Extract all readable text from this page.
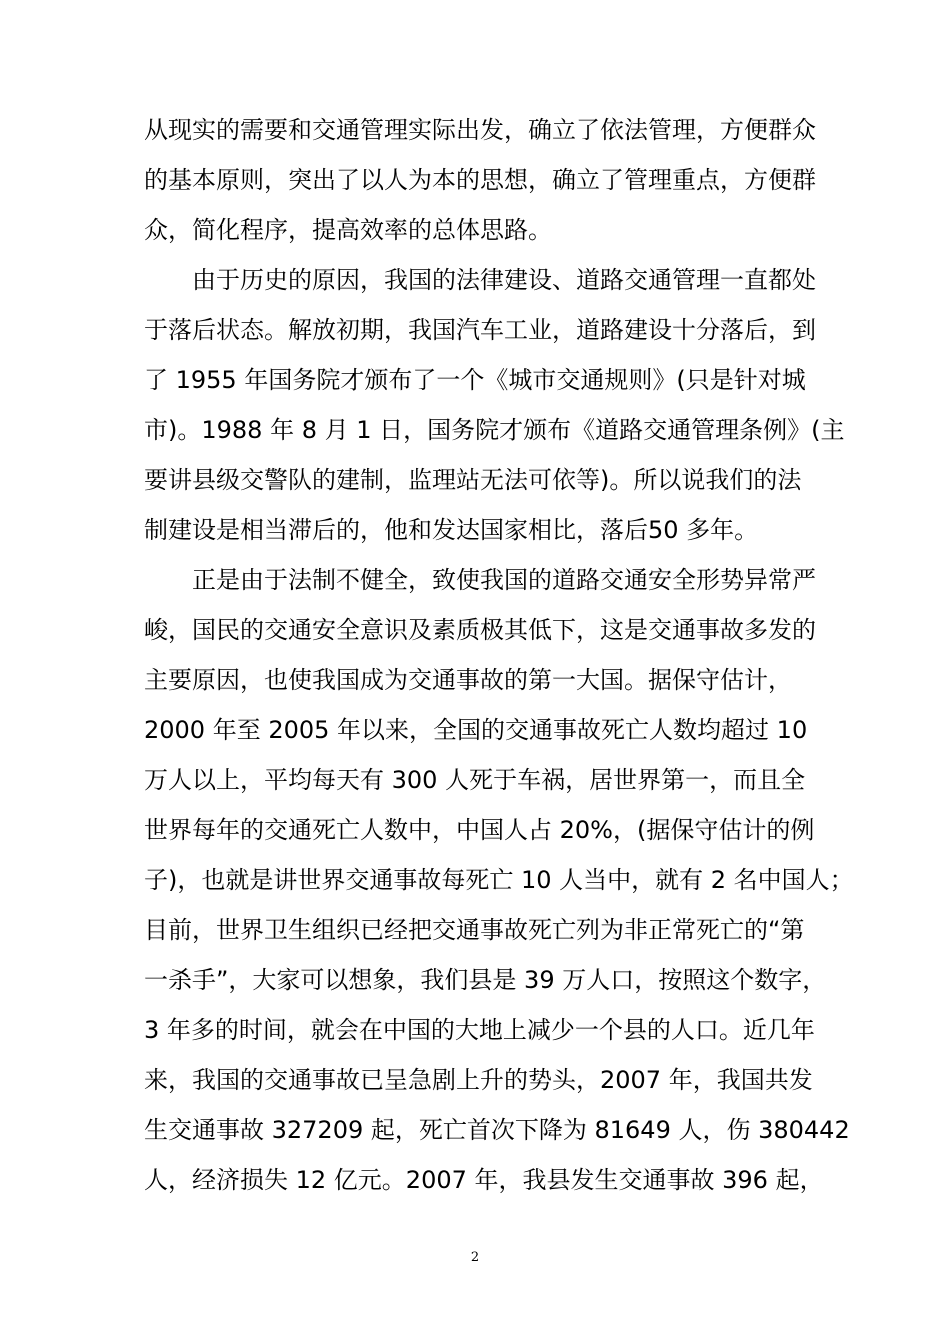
从现实的需要和交通管理实际出发，确立了依法管理，方便群众
的基本原则，突出了以人为本的思想，确立了管理重点，方便群
众，简化程序，提高效率的总体思路。
由于历史的原因，我国的法律建设、道路交通管理一直都处
于落后状态。解放初期，我国汽车工业，道路建设十分落后，到
了 1955 年国务院才颁布了一个《城市交通规则》(只是针对城
市)。1988 年 8 月 1 日，国务院才颁布《道路交通管理条例》(主
要讲县级交警队的建制，监理站无法可依等)。所以说我们的法
制建设是相当滞后的，他和发达国家相比，落后50 多年。
正是由于法制不健全，致使我国的道路交通安全形势异常严
峻，国民的交通安全意识及素质极其低下，这是交通事故多发的
主要原因，也使我国成为交通事故的第一大国。据保守估计，
2000 年至 2005 年以来，全国的交通事故死亡人数均超过 10
万人以上，平均每天有 300 人死于车祸，居世界第一，而且全
世界每年的交通死亡人数中，中国人占 20%，(据保守估计的例
子)，也就是讲世界交通事故每死亡 10 人当中，就有 2 名中国人；
目前，世界卫生组织已经把交通事故死亡列为非正常死亡的“第
一杀手”，大家可以想象，我们县是 39 万人口，按照这个数字，
3 年多的时间，就会在中国的大地上减少一个县的人口。近几年
来，我国的交通事故已呈急剧上升的势头，2007 年，我国共发
生交通事故 327209 起，死亡首次下降为 81649 人，伤 380442
人，经济损失 12 亿元。2007 年，我县发生交通事故 396 起，
2
